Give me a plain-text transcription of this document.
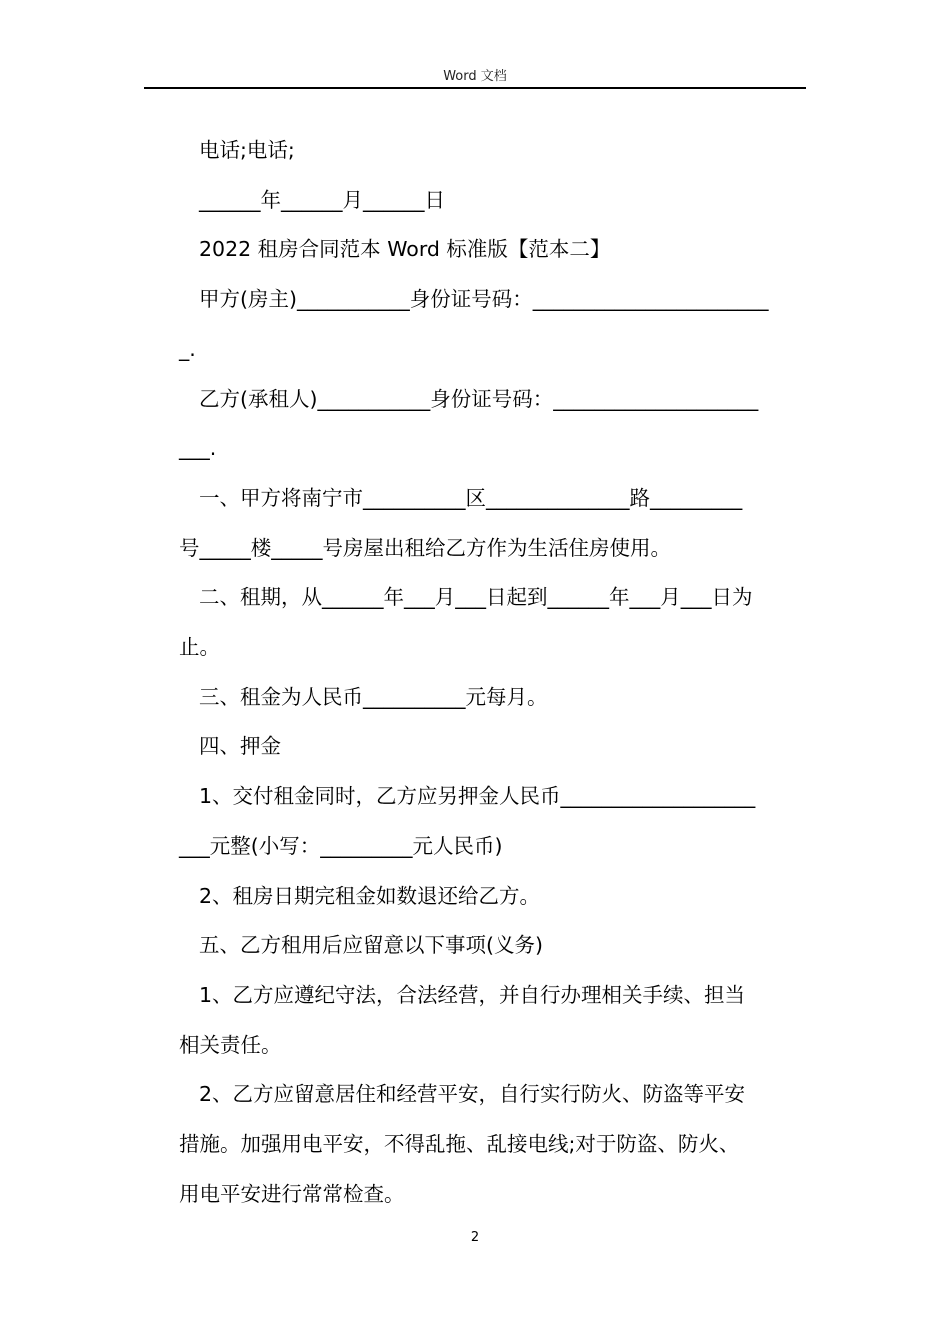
Word 文档

电话;电话;

______年______月______日

2022 租房合同范本 Word 标准版【范本二】

甲方(房主)___________身份证号码：_______________________

_.

乙方(承租人)___________身份证号码：____________________

___.

一、甲方将南宁市__________区______________路_________

号_____楼_____号房屋出租给乙方作为生活住房使用。

二、租期，从______年___月___日起到______年___月___日为

止。

三、租金为人民币__________元每月。

四、押金

1、交付租金同时，乙方应另押金人民币___________________

___元整(小写：_________元人民币)

2、租房日期完租金如数退还给乙方。

五、乙方租用后应留意以下事项(义务)

1、乙方应遵纪守法，合法经营，并自行办理相关手续、担当

相关责任。

2、乙方应留意居住和经营平安，自行实行防火、防盗等平安

措施。加强用电平安，不得乱拖、乱接电线;对于防盗、防火、

用电平安进行常常检查。

2
